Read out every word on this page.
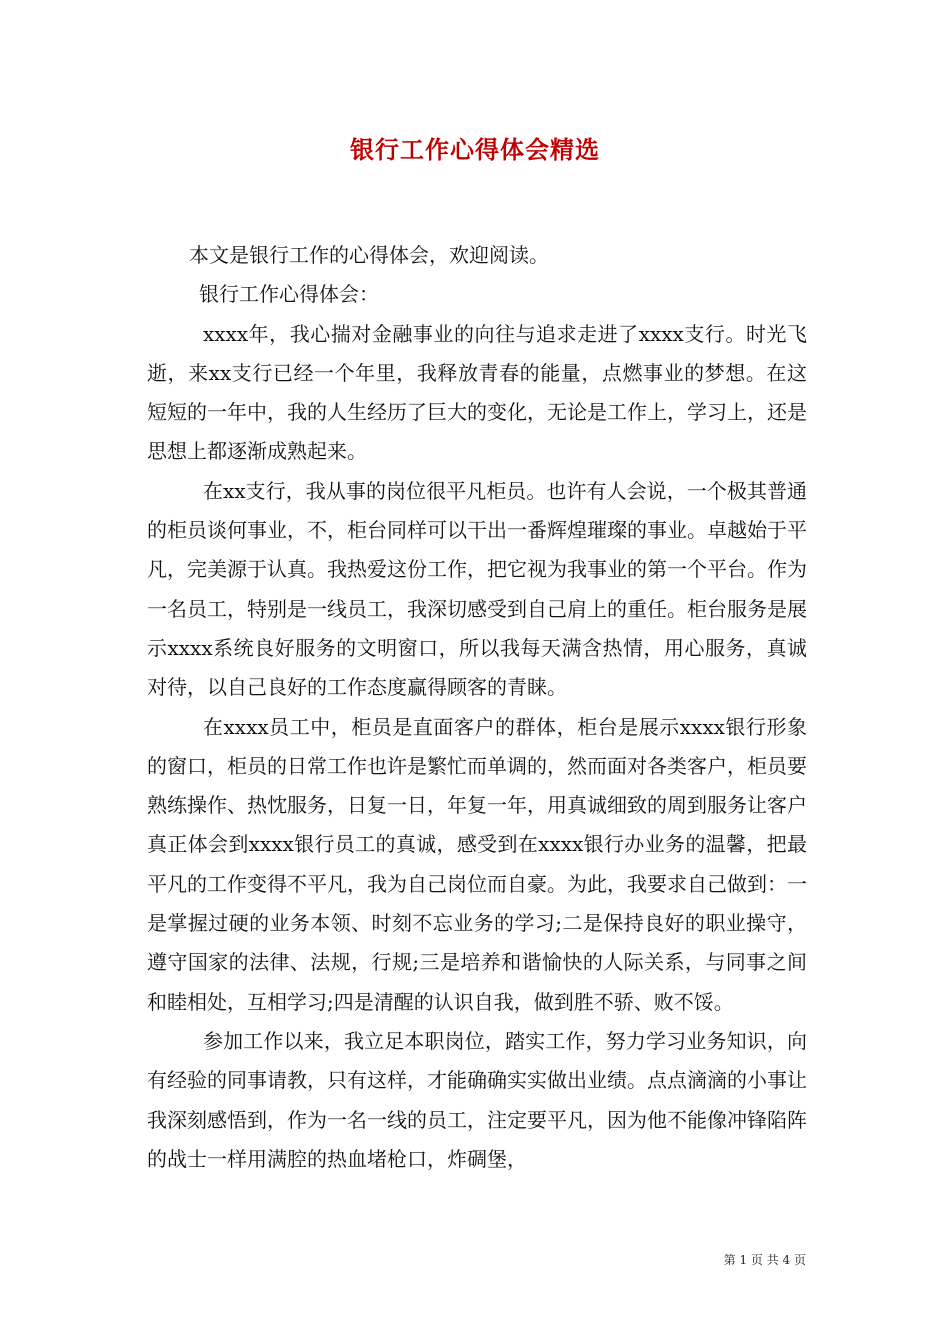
银行工作心得体会精选

本文是银行工作的心得体会，欢迎阅读。

银行工作心得体会：

xxxx年，我心揣对金融事业的向往与追求走进了xxxx支行。时光飞逝，来xx支行已经一个年里，我释放青春的能量，点燃事业的梦想。在这短短的一年中，我的人生经历了巨大的变化，无论是工作上，学习上，还是思想上都逐渐成熟起来。

在xx支行，我从事的岗位很平凡柜员。也许有人会说，一个极其普通的柜员谈何事业，不，柜台同样可以干出一番辉煌璀璨的事业。卓越始于平凡，完美源于认真。我热爱这份工作，把它视为我事业的第一个平台。作为一名员工，特别是一线员工，我深切感受到自己肩上的重任。柜台服务是展示xxxx系统良好服务的文明窗口，所以我每天满含热情，用心服务，真诚对待，以自己良好的工作态度赢得顾客的青睐。

在xxxx员工中，柜员是直面客户的群体，柜台是展示xxxx银行形象的窗口，柜员的日常工作也许是繁忙而单调的，然而面对各类客户，柜员要熟练操作、热忱服务，日复一日，年复一年，用真诚细致的周到服务让客户真正体会到xxxx银行员工的真诚，感受到在xxxx银行办业务的温馨，把最平凡的工作变得不平凡，我为自己岗位而自豪。为此，我要求自己做到：一是掌握过硬的业务本领、时刻不忘业务的学习;二是保持良好的职业操守，遵守国家的法律、法规，行规;三是培养和谐愉快的人际关系，与同事之间和睦相处，互相学习;四是清醒的认识自我，做到胜不骄、败不馁。

参加工作以来，我立足本职岗位，踏实工作，努力学习业务知识，向有经验的同事请教，只有这样，才能确确实实做出业绩。点点滴滴的小事让我深刻感悟到，作为一名一线的员工，注定要平凡，因为他不能像冲锋陷阵的战士一样用满腔的热血堵枪口，炸碉堡，

第 1 页 共 4 页
